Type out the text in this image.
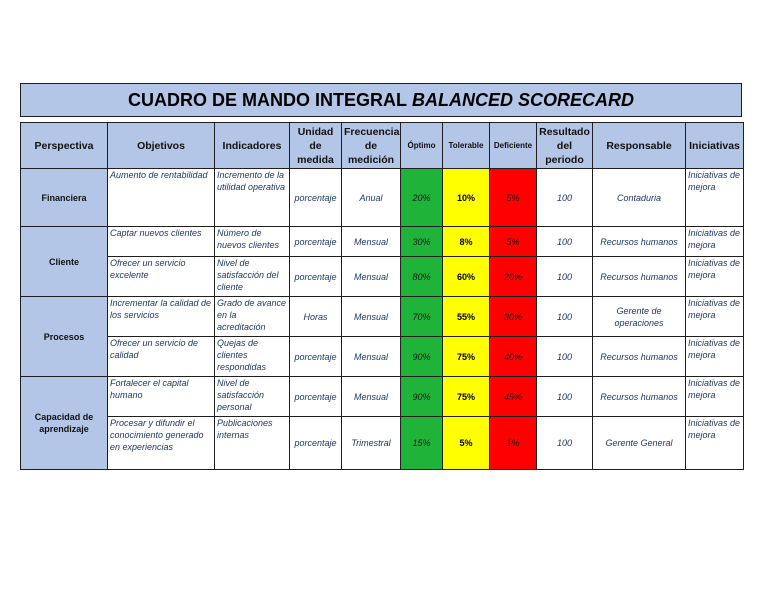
CUADRO DE MANDO INTEGRAL BALANCED SCORECARD
Perspectiva	Objetivos	Indicadores	Unidad de medida	Frecuencia de medición	Óptimo	Tolerable	Deficiente	Resultado del periodo	Responsable	Iniciativas
Financiera	Aumento de rentabilidad	Incremento de la utilidad operativa	porcentaje	Anual	20%	10%	5%	100	Contaduria	Iniciativas de mejora
Cliente	Captar nuevos clientes	Número de nuevos clientes	porcentaje	Mensual	30%	8%	5%	100	Recursos humanos	Iniciativas de mejora
	Ofrecer un servicio excelente	Nivel de satisfacción del cliente	porcentaje	Mensual	80%	60%	20%	100	Recursos humanos	Iniciativas de mejora
Procesos	Incrementar la calidad de los servicios	Grado de avance en la acreditación	Horas	Mensual	70%	55%	30%	100	Gerente de operaciones	Iniciativas de mejora
	Ofrecer un servicio de calidad	Quejas de clientes respondidas	porcentaje	Mensual	90%	75%	40%	100	Recursos humanos	Iniciativas de mejora
Capacidad de aprendizaje	Fortalecer el capital humano	Nivel de satisfacción personal	porcentaje	Mensual	90%	75%	45%	100	Recursos humanos	Iniciativas de mejora
	Procesar y difundir el conocimiento generado en experiencias	Publicaciones internas	porcentaje	Trimestral	15%	5%	1%	100	Gerente General	Iniciativas de mejora
